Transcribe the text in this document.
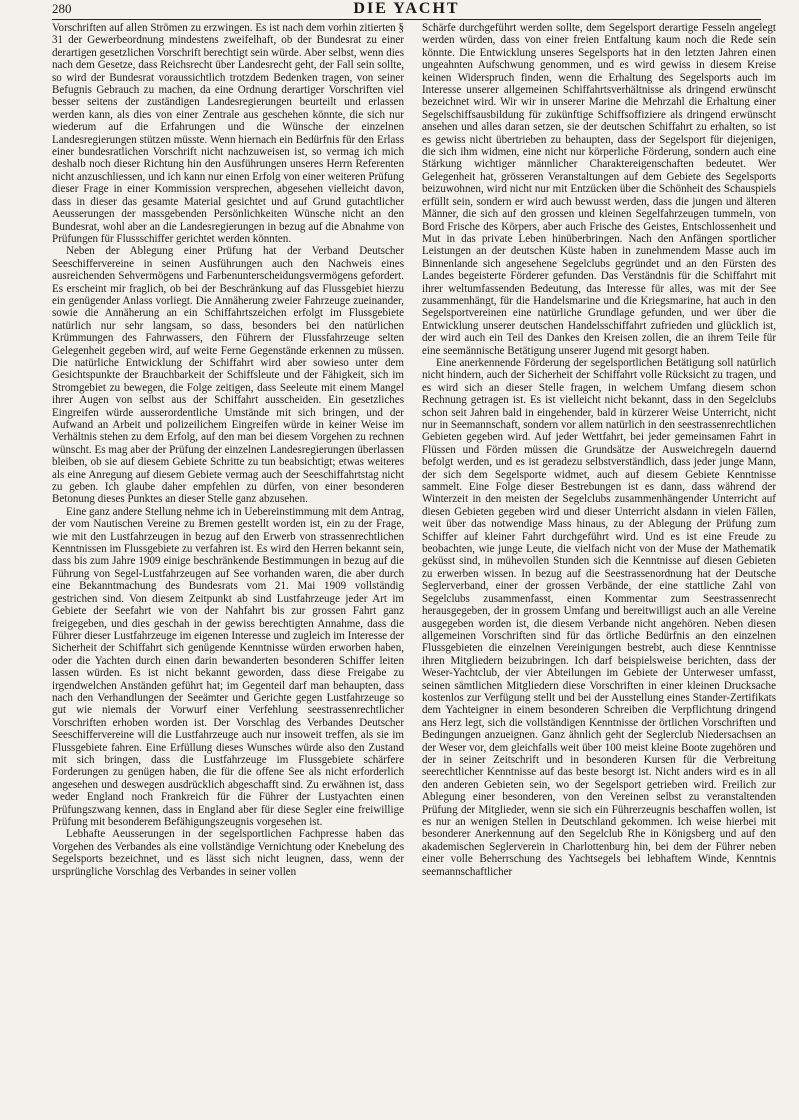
280	DIE YACHT

Vorschriften auf allen Strömen zu erzwingen. Es ist nach dem vorhin zitierten § 31 der Gewerbeordnung mindestens zweifelhaft, ob der Bundesrat zu einer derartigen gesetzlichen Vorschrift berechtigt sein würde. Aber selbst, wenn dies nach dem Gesetze, dass Reichsrecht über Landesrecht geht, der Fall sein sollte, so wird der Bundesrat voraussichtlich trotzdem Bedenken tragen, von seiner Befugnis Gebrauch zu machen, da eine Ordnung derartiger Vorschriften viel besser seitens der zuständigen Landesregierungen beurteilt und erlassen werden kann, als dies von einer Zentrale aus geschehen könnte, die sich nur wiederum auf die Erfahrungen und die Wünsche der einzelnen Landesregierungen stützen müsste. Wenn hiernach ein Bedürfnis für den Erlass einer bundesratlichen Vorschrift nicht nachzuweisen ist, so vermag ich mich deshalb noch dieser Richtung hin den Ausführungen unseres Herrn Referenten nicht anzuschliessen, und ich kann nur einen Erfolg von einer weiteren Prüfung dieser Frage in einer Kommission versprechen, abgesehen vielleicht davon, dass in dieser das gesamte Material gesichtet und auf Grund gutachtlicher Aeusserungen der massgebenden Persönlichkeiten Wünsche nicht an den Bundesrat, wohl aber an die Landesregierungen in bezug auf die Abnahme von Prüfungen für Flussschiffer gerichtet werden könnten.

Neben der Ablegung einer Prüfung hat der Verband Deutscher Seeschiffervereine in seinen Ausführungen auch den Nachweis eines ausreichenden Sehvermögens und Farbenunterscheidungsvermögens gefordert. Es erscheint mir fraglich, ob bei der Beschränkung auf das Flussgebiet hierzu ein genügender Anlass vorliegt. Die Annäherung zweier Fahrzeuge zueinander, sowie die Annäherung an ein Schiffahrtszeichen erfolgt im Flussgebiete natürlich nur sehr langsam, so dass, besonders bei den natürlichen Krümmungen des Fahrwassers, den Führern der Flussfahrzeuge selten Gelegenheit gegeben wird, auf weite Ferne Gegenstände erkennen zu müssen. Die natürliche Entwicklung der Schiffahrt wird aber sowieso unter dem Gesichtspunkte der Brauchbarkeit der Schiffsleute und der Fähigkeit, sich im Stromgebiet zu bewegen, die Folge zeitigen, dass Seeleute mit einem Mangel ihrer Augen von selbst aus der Schiffahrt ausscheiden. Ein gesetzliches Eingreifen würde ausserordentliche Umstände mit sich bringen, und der Aufwand an Arbeit und polizeilichem Eingreifen würde in keiner Weise im Verhältnis stehen zu dem Erfolg, auf den man bei diesem Vorgehen zu rechnen wünscht. Es mag aber der Prüfung der einzelnen Landesregierungen überlassen bleiben, ob sie auf diesem Gebiete Schritte zu tun beabsichtigt; etwas weiteres als eine Anregung auf diesem Gebiete vermag auch der Seeschiffahrtstag nicht zu geben. Ich glaube daher empfehlen zu dürfen, von einer besonderen Betonung dieses Punktes an dieser Stelle ganz abzusehen.

Eine ganz andere Stellung nehme ich in Uebereinstimmung mit dem Antrag, der vom Nautischen Vereine zu Bremen gestellt worden ist, ein zu der Frage, wie mit den Lustfahrzeugen in bezug auf den Erwerb von strassenrechtlichen Kenntnissen im Flussgebiete zu verfahren ist. Es wird den Herren bekannt sein, dass bis zum Jahre 1909 einige beschränkende Bestimmungen in bezug auf die Führung von Segel-Lustfahrzeugen auf See vorhanden waren, die aber durch eine Bekanntmachung des Bundesrats vom 21. Mai 1909 vollständig gestrichen sind. Von diesem Zeitpunkt ab sind Lustfahrzeuge jeder Art im Gebiete der Seefahrt wie von der Nahfahrt bis zur grossen Fahrt ganz freigegeben, und dies geschah in der gewiss berechtigten Annahme, dass die Führer dieser Lustfahrzeuge im eigenen Interesse und zugleich im Interesse der Sicherheit der Schiffahrt sich genügende Kenntnisse würden erworben haben, oder die Yachten durch einen darin bewanderten besonderen Schiffer leiten lassen würden. Es ist nicht bekannt geworden, dass diese Freigabe zu irgendwelchen Anständen geführt hat; im Gegenteil darf man behaupten, dass nach den Verhandlungen der Seeämter und Gerichte gegen Lustfahrzeuge so gut wie niemals der Vorwurf einer Verfehlung seestrassenrechtlicher Vorschriften erhoben worden ist. Der Vorschlag des Verbandes Deutscher Seeschiffervereine will die Lustfahrzeuge auch nur insoweit treffen, als sie im Flussgebiete fahren. Eine Erfüllung dieses Wunsches würde also den Zustand mit sich bringen, dass die Lustfahrzeuge im Flussgebiete schärfere Forderungen zu genügen haben, die für die offene See als nicht erforderlich angesehen und deswegen ausdrücklich abgeschafft sind. Zu erwähnen ist, dass weder England noch Frankreich für die Führer der Lustyachten einen Prüfungszwang kennen, dass in England aber für diese Segler eine freiwillige Prüfung mit besonderem Befähigungszeugnis vorgesehen ist.

Lebhafte Aeusserungen in der segelsportlichen Fachpresse haben das Vorgehen des Verbandes als eine vollständige Vernichtung oder Knebelung des Segelsports bezeichnet, und es lässt sich nicht leugnen, dass, wenn der ursprüngliche Vorschlag des Verbandes in seiner vollen

Schärfe durchgeführt werden sollte, dem Segelsport derartige Fesseln angelegt werden würden, dass von einer freien Entfaltung kaum noch die Rede sein könnte. Die Entwicklung unseres Segelsports hat in den letzten Jahren einen ungeahnten Aufschwung genommen, und es wird gewiss in diesem Kreise keinen Widerspruch finden, wenn die Erhaltung des Segelsports auch im Interesse unserer allgemeinen Schiffahrtsverhältnisse als dringend erwünscht bezeichnet wird. Wir wir in unserer Marine die Mehrzahl die Erhaltung einer Segelschiffsausbildung für zukünftige Schiffsoffiziere als dringend erwünscht ansehen und alles daran setzen, sie der deutschen Schiffahrt zu erhalten, so ist es gewiss nicht übertrieben zu behaupten, dass der Segelsport für diejenigen, die sich ihm widmen, eine nicht nur körperliche Förderung, sondern auch eine Stärkung wichtiger männlicher Charaktereigenschaften bedeutet. Wer Gelegenheit hat, grösseren Veranstaltungen auf dem Gebiete des Segelsports beizuwohnen, wird nicht nur mit Entzücken über die Schönheit des Schauspiels erfüllt sein, sondern er wird auch bewusst werden, dass die jungen und älteren Männer, die sich auf den grossen und kleinen Segelfahrzeugen tummeln, von Bord Frische des Körpers, aber auch Frische des Geistes, Entschlossenheit und Mut in das private Leben hinüberbringen. Nach den Anfängen sportlicher Leistungen an der deutschen Küste haben in zunehmendem Masse auch im Binnenlande sich angesehene Segelclubs gegründet und an den Fürsten des Landes begeisterte Förderer gefunden. Das Verständnis für die Schiffahrt mit ihrer weltumfassenden Bedeutung, das Interesse für alles, was mit der See zusammenhängt, für die Handelsmarine und die Kriegsmarine, hat auch in den Segelsportvereinen eine natürliche Grundlage gefunden, und wer über die Entwicklung unserer deutschen Handelsschiffahrt zufrieden und glücklich ist, der wird auch ein Teil des Dankes den Kreisen zollen, die an ihrem Teile für eine seemännische Betätigung unserer Jugend mit gesorgt haben.

Eine anerkennende Förderung der segelsportlichen Betätigung soll natürlich nicht hindern, auch der Sicherheit der Schiffahrt volle Rücksicht zu tragen, und es wird sich an dieser Stelle fragen, in welchem Umfang diesem schon Rechnung getragen ist. Es ist vielleicht nicht bekannt, dass in den Segelclubs schon seit Jahren bald in eingehender, bald in kürzerer Weise Unterricht, nicht nur in Seemannschaft, sondern vor allem natürlich in den seestrassenrechtlichen Gebieten gegeben wird. Auf jeder Wettfahrt, bei jeder gemeinsamen Fahrt in Flüssen und Förden müssen die Grundsätze der Ausweichregeln dauernd befolgt werden, und es ist geradezu selbstverständlich, dass jeder junge Mann, der sich dem Segelsporte widmet, auch auf diesem Gebiete Kenntnisse sammelt. Eine Folge dieser Bestrebungen ist es dann, dass während der Winterzeit in den meisten der Segelclubs zusammenhängender Unterricht auf diesen Gebieten gegeben wird und dieser Unterricht alsdann in vielen Fällen, weit über das notwendige Mass hinaus, zu der Ablegung der Prüfung zum Schiffer auf kleiner Fahrt durchgeführt wird. Und es ist eine Freude zu beobachten, wie junge Leute, die vielfach nicht von der Muse der Mathematik geküsst sind, in mühevollen Stunden sich die Kenntnisse auf diesen Gebieten zu erwerben wissen. In bezug auf die Seestrassenordnung hat der Deutsche Seglerverband, einer der grossen Verbände, der eine stattliche Zahl von Segelclubs zusammenfasst, einen Kommentar zum Seestrassenrecht herausgegeben, der in grossem Umfang und bereitwilligst auch an alle Vereine ausgegeben worden ist, die diesem Verbande nicht angehören. Neben diesen allgemeinen Vorschriften sind für das örtliche Bedürfnis an den einzelnen Flussgebieten die einzelnen Vereinigungen bestrebt, auch diese Kenntnisse ihren Mitgliedern beizubringen. Ich darf beispielsweise berichten, dass der Weser-Yachtclub, der vier Abteilungen im Gebiete der Unterweser umfasst, seinen sämtlichen Mitgliedern diese Vorschriften in einer kleinen Drucksache kostenlos zur Verfügung stellt und bei der Ausstellung eines Stander-Zertifikats dem Yachteigner in einem besonderen Schreiben die Verpflichtung dringend ans Herz legt, sich die vollständigen Kenntnisse der örtlichen Vorschriften und Bedingungen anzueignen. Ganz ähnlich geht der Seglerclub Niedersachsen an der Weser vor, dem gleichfalls weit über 100 meist kleine Boote zugehören und der in seiner Zeitschrift und in besonderen Kursen für die Verbreitung seerechtlicher Kenntnisse auf das beste besorgt ist. Nicht anders wird es in all den anderen Gebieten sein, wo der Segelsport getrieben wird. Freilich zur Ablegung einer besonderen, von den Vereinen selbst zu veranstaltenden Prüfung der Mitglieder, wenn sie sich ein Führerzeugnis beschaffen wollen, ist es nur an wenigen Stellen in Deutschland gekommen. Ich weise hierbei mit besonderer Anerkennung auf den Segelclub Rhe in Königsberg und auf den akademischen Seglerverein in Charlottenburg hin, bei dem der Führer neben einer volle Beherrschung des Yachtsegels bei lebhaftem Winde, Kenntnis seemannschaftlicher
